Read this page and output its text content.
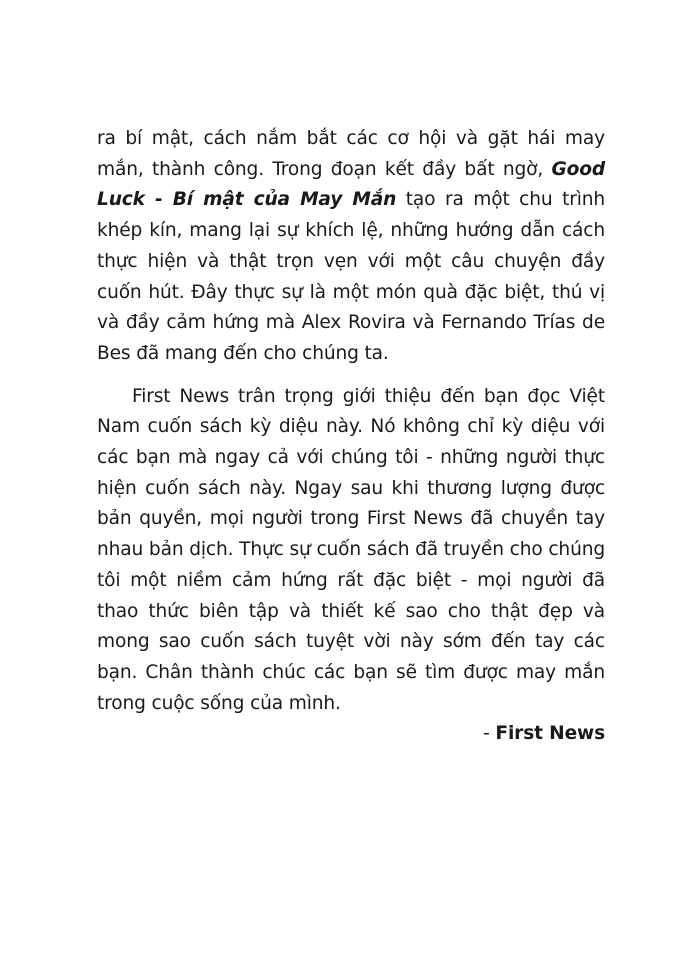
ra bí mật, cách nắm bắt các cơ hội và gặt hái may mắn, thành công. Trong đoạn kết đầy bất ngờ, Good Luck - Bí mật của May Mắn tạo ra một chu trình khép kín, mang lại sự khích lệ, những hướng dẫn cách thực hiện và thật trọn vẹn với một câu chuyện đầy cuốn hút. Đây thực sự là một món quà đặc biệt, thú vị và đầy cảm hứng mà Alex Rovira và Fernando Trías de Bes đã mang đến cho chúng ta.

First News trân trọng giới thiệu đến bạn đọc Việt Nam cuốn sách kỳ diệu này. Nó không chỉ kỳ diệu với các bạn mà ngay cả với chúng tôi - những người thực hiện cuốn sách này. Ngay sau khi thương lượng được bản quyền, mọi người trong First News đã chuyền tay nhau bản dịch. Thực sự cuốn sách đã truyền cho chúng tôi một niềm cảm hứng rất đặc biệt - mọi người đã thao thức biên tập và thiết kế sao cho thật đẹp và mong sao cuốn sách tuyệt vời này sớm đến tay các bạn. Chân thành chúc các bạn sẽ tìm được may mắn trong cuộc sống của mình.

- First News
